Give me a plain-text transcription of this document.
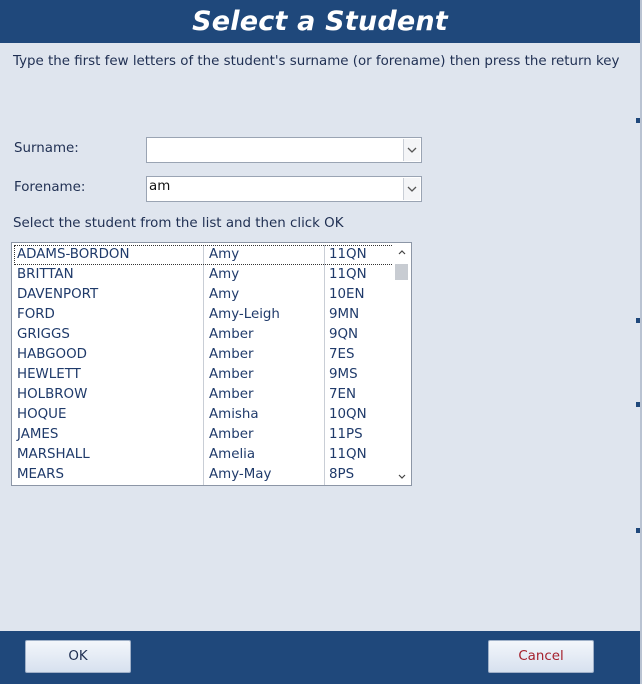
Select a Student
Type the first few letters of the student's surname (or forename) then press the return key
Surname:
Forename:	am
Select the student from the list and then click OK
ADAMS-BORDON	Amy	11QN
BRITTAN	Amy	11QN
DAVENPORT	Amy	10EN
FORD	Amy-Leigh	9MN
GRIGGS	Amber	9QN
HABGOOD	Amber	7ES
HEWLETT	Amber	9MS
HOLBROW	Amber	7EN
HOQUE	Amisha	10QN
JAMES	Amber	11PS
MARSHALL	Amelia	11QN
MEARS	Amy-May	8PS
OK	Cancel
